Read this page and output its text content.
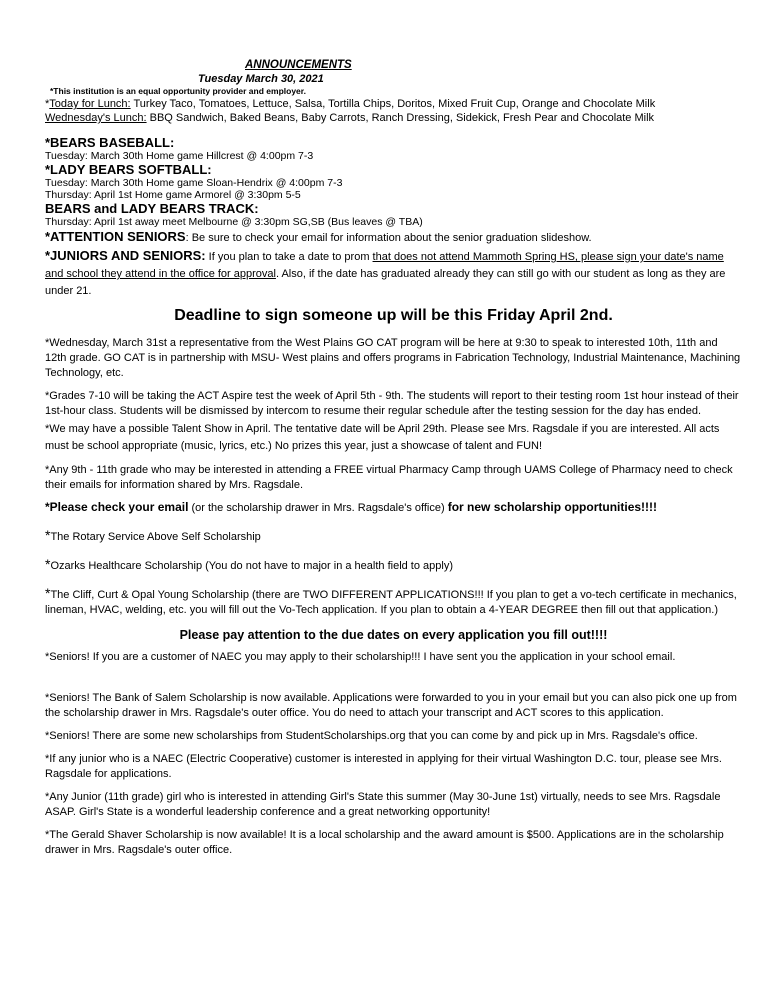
ANNOUNCEMENTS
Tuesday March 30, 2021
*This institution is an equal opportunity provider and employer.
*Today for Lunch: Turkey Taco, Tomatoes, Lettuce, Salsa, Tortilla Chips, Doritos, Mixed Fruit Cup, Orange and Chocolate Milk
Wednesday's Lunch: BBQ Sandwich, Baked Beans, Baby Carrots, Ranch Dressing, Sidekick, Fresh Pear and Chocolate Milk
*BEARS BASEBALL:
Tuesday: March 30th Home game Hillcrest @ 4:00pm 7-3
*LADY BEARS SOFTBALL:
Tuesday: March 30th Home game Sloan-Hendrix @ 4:00pm 7-3
Thursday: April 1st Home game Armorel @ 3:30pm 5-5
BEARS and LADY BEARS TRACK:
Thursday: April 1st away meet Melbourne @ 3:30pm SG,SB (Bus leaves @ TBA)
*ATTENTION SENIORS: Be sure to check your email for information about the senior graduation slideshow.
*JUNIORS AND SENIORS: If you plan to take a date to prom that does not attend Mammoth Spring HS, please sign your date's name and school they attend in the office for approval. Also, if the date has graduated already they can still go with our student as long as they are under 21.
Deadline to sign someone up will be this Friday April 2nd.
*Wednesday, March 31st a representative from the West Plains GO CAT program will be here at 9:30 to speak to interested 10th, 11th and 12th grade. GO CAT is in partnership with MSU- West plains and offers programs in Fabrication Technology, Industrial Maintenance, Machining Technology, etc.
*Grades 7-10 will be taking the ACT Aspire test the week of April 5th - 9th. The students will report to their testing room 1st hour instead of their 1st-hour class. Students will be dismissed by intercom to resume their regular schedule after the testing session for the day has ended.
*We may have a possible Talent Show in April. The tentative date will be April 29th. Please see Mrs. Ragsdale if you are interested. All acts must be school appropriate (music, lyrics, etc.) No prizes this year, just a showcase of talent and FUN!
*Any 9th - 11th grade who may be interested in attending a FREE virtual Pharmacy Camp through UAMS College of Pharmacy need to check their emails for information shared by Mrs. Ragsdale.
*Please check your email (or the scholarship drawer in Mrs. Ragsdale's office) for new scholarship opportunities!!!!
*The Rotary Service Above Self Scholarship
*Ozarks Healthcare Scholarship (You do not have to major in a health field to apply)
*The Cliff, Curt & Opal Young Scholarship (there are TWO DIFFERENT APPLICATIONS!!! If you plan to get a vo-tech certificate in mechanics, lineman, HVAC, welding, etc. you will fill out the Vo-Tech application. If you plan to obtain a 4-YEAR DEGREE then fill out that application.)
Please pay attention to the due dates on every application you fill out!!!!
*Seniors! If you are a customer of NAEC you may apply to their scholarship!!! I have sent you the application in your school email.
*Seniors! The Bank of Salem Scholarship is now available. Applications were forwarded to you in your email but you can also pick one up from the scholarship drawer in Mrs. Ragsdale's outer office. You do need to attach your transcript and ACT scores to this application.
*Seniors! There are some new scholarships from StudentScholarships.org that you can come by and pick up in Mrs. Ragsdale's office.
*If any junior who is a NAEC (Electric Cooperative) customer is interested in applying for their virtual Washington D.C. tour, please see Mrs. Ragsdale for applications.
*Any Junior (11th grade) girl who is interested in attending Girl's State this summer (May 30-June 1st) virtually, needs to see Mrs. Ragsdale ASAP. Girl's State is a wonderful leadership conference and a great networking opportunity!
*The Gerald Shaver Scholarship is now available! It is a local scholarship and the award amount is $500. Applications are in the scholarship drawer in Mrs. Ragsdale's outer office.
